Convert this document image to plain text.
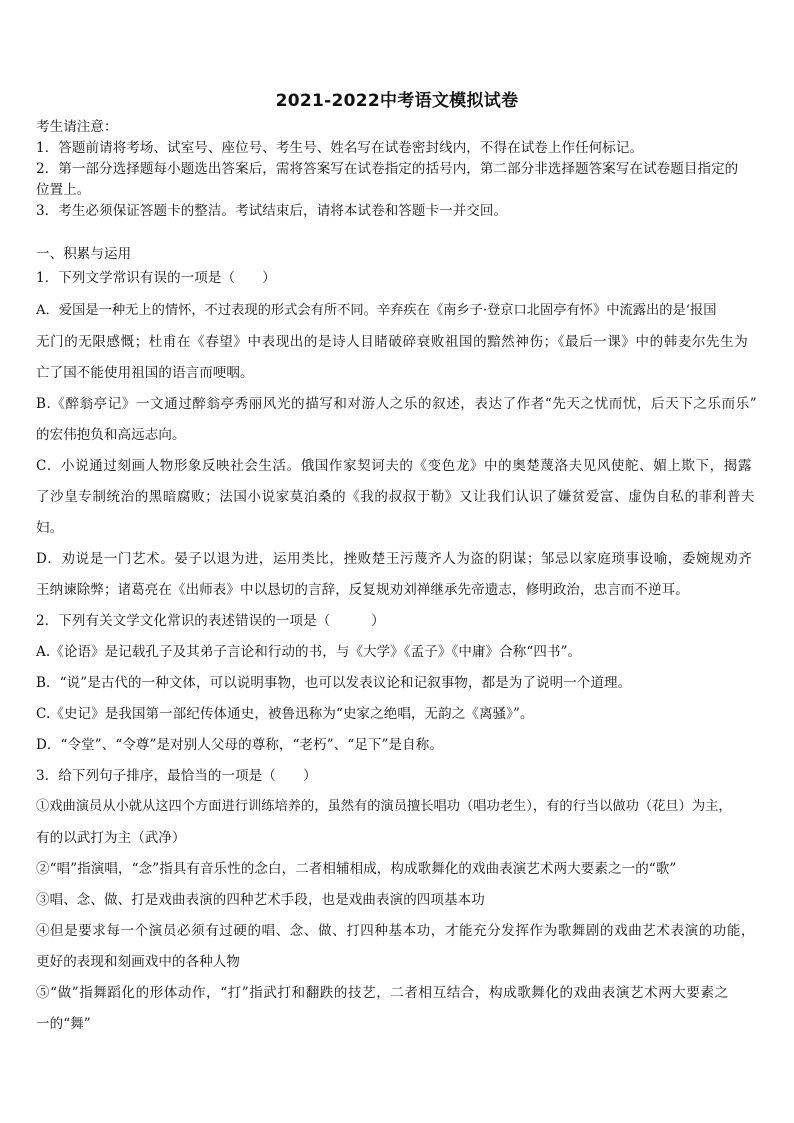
2021-2022中考语文模拟试卷
考生请注意：
1．答题前请将考场、试室号、座位号、考生号、姓名写在试卷密封线内，不得在试卷上作任何标记。
2．第一部分选择题每小题选出答案后，需将答案写在试卷指定的括号内，第二部分非选择题答案写在试卷题目指定的
位置上。
3．考生必须保证答题卡的整洁。考试结束后，请将本试卷和答题卡一并交回。
一、积累与运用
1．下列文学常识有误的一项是（　　）
A．爱国是一种无上的情怀，不过表现的形式会有所不同。辛弃疾在《南乡子·登京口北固亭有怀》中流露出的是‘报国
无门的无限感慨；杜甫在《春望》中表现出的是诗人目睹破碎衰败祖国的黯然神伤；《最后一课》中的韩麦尔先生为
亡了国不能使用祖国的语言而哽咽。
B.《醉翁亭记》一文通过醉翁亭秀丽风光的描写和对游人之乐的叙述，表达了作者“先天之忧而忧，后天下之乐而乐”
的宏伟抱负和高远志向。
C．小说通过刻画人物形象反映社会生活。俄国作家契诃夫的《变色龙》中的奥楚蔑洛夫见风使舵、媚上欺下，揭露
了沙皇专制统治的黑暗腐败；法国小说家莫泊桑的《我的叔叔于勒》又让我们认识了嫌贫爱富、虚伪自私的菲利普夫
妇。
D．劝说是一门艺术。晏子以退为进，运用类比，挫败楚王污蔑齐人为盗的阴谋；邹忌以家庭琐事设喻，委婉规劝齐
王纳谏除弊；诸葛亮在《出师表》中以恳切的言辞，反复规劝刘禅继承先帝遗志，修明政治，忠言而不逆耳。
2．下列有关文学文化常识的表述错误的一项是（　　　）
A.《论语》是记载孔子及其弟子言论和行动的书，与《大学》《孟子》《中庸》合称“四书”。
B．“说”是古代的一种文体，可以说明事物，也可以发表议论和记叙事物，都是为了说明一个道理。
C.《史记》是我国第一部纪传体通史，被鲁迅称为“史家之绝唱，无韵之《离骚》”。
D．“令堂”、“令尊”是对别人父母的尊称，“老朽”、“足下”是自称。
3．给下列句子排序，最恰当的一项是（　　）
①戏曲演员从小就从这四个方面进行训练培养的，虽然有的演员擅长唱功（唱功老生），有的行当以做功（花旦）为主，
有的以武打为主（武净）
②“唱”指演唱，“念”指具有音乐性的念白，二者相辅相成，构成歌舞化的戏曲表演艺术两大要素之一的“歌”
③唱、念、做、打是戏曲表演的四种艺术手段，也是戏曲表演的四项基本功
④但是要求每一个演员必须有过硬的唱、念、做、打四种基本功，才能充分发挥作为歌舞剧的戏曲艺术表演的功能，
更好的表现和刻画戏中的各种人物
⑤“做”指舞蹈化的形体动作，“打”指武打和翻跌的技艺，二者相互结合，构成歌舞化的戏曲表演艺术两大要素之
一的“舞”
